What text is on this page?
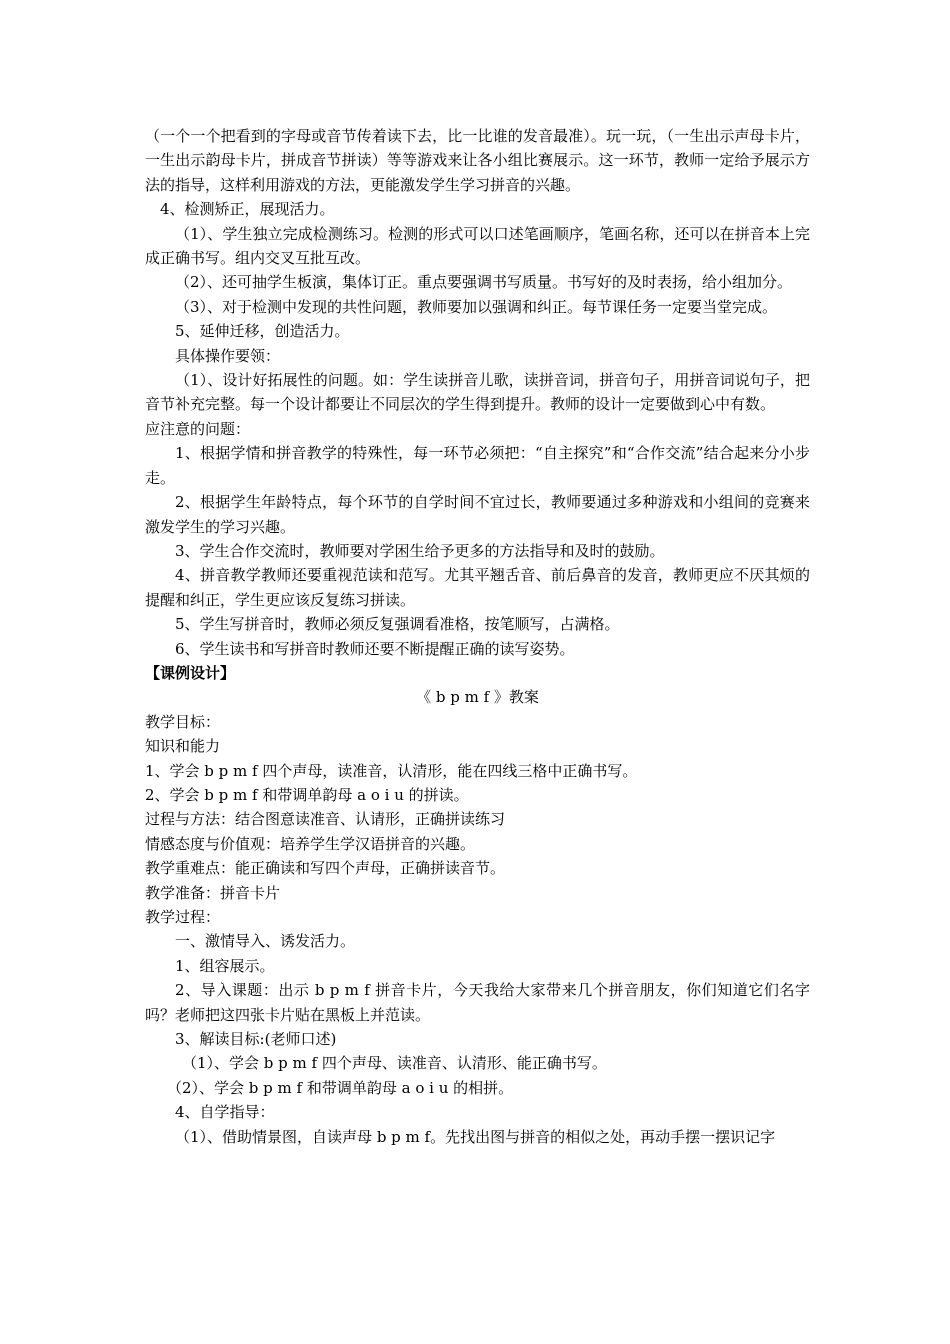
（一个一个把看到的字母或音节传着读下去，比一比谁的发音最准）。玩一玩，（一生出示声母卡片，一生出示韵母卡片，拼成音节拼读）等等游戏来让各小组比赛展示。这一环节，教师一定给予展示方法的指导，这样利用游戏的方法，更能激发学生学习拼音的兴趣。

4、检测矫正，展现活力。

（1）、学生独立完成检测练习。检测的形式可以口述笔画顺序，笔画名称，还可以在拼音本上完成正确书写。组内交叉互批互改。

（2）、还可抽学生板演，集体订正。重点要强调书写质量。书写好的及时表扬，给小组加分。

（3）、对于检测中发现的共性问题，教师要加以强调和纠正。每节课任务一定要当堂完成。

5、延伸迁移，创造活力。

具体操作要领：

（1）、设计好拓展性的问题。如：学生读拼音儿歌，读拼音词，拼音句子，用拼音词说句子，把音节补充完整。每一个设计都要让不同层次的学生得到提升。教师的设计一定要做到心中有数。

应注意的问题：

1、根据学情和拼音教学的特殊性，每一环节必须把：“自主探究”和“合作交流”结合起来分小步走。

2、根据学生年龄特点，每个环节的自学时间不宜过长，教师要通过多种游戏和小组间的竞赛来激发学生的学习兴趣。

3、学生合作交流时，教师要对学困生给予更多的方法指导和及时的鼓励。

4、拼音教学教师还要重视范读和范写。尤其平翘舌音、前后鼻音的发音，教师更应不厌其烦的提醒和纠正，学生更应该反复练习拼读。

5、学生写拼音时，教师必须反复强调看准格，按笔顺写，占满格。

6、学生读书和写拼音时教师还要不断提醒正确的读写姿势。

【课例设计】

《 b p m f 》教案

教学目标：

知识和能力

1、学会 b p m f 四个声母，读准音，认清形，能在四线三格中正确书写。

2、学会 b p m f 和带调单韵母 a o i u 的拼读。

过程与方法：结合图意读准音、认请形，正确拼读练习

情感态度与价值观：培养学生学汉语拼音的兴趣。

教学重难点：能正确读和写四个声母，正确拼读音节。

教学准备：拼音卡片

教学过程：

一、激情导入、诱发活力。

1、组容展示。

2、导入课题：出示 b p m f 拼音卡片，今天我给大家带来几个拼音朋友，你们知道它们名字吗？老师把这四张卡片贴在黑板上并范读。

3、解读目标:(老师口述)

（1）、学会 b p m f 四个声母、读准音、认清形、能正确书写。

（2）、学会 b p m f 和带调单韵母 a o i u 的相拼。

4、自学指导：

（1）、借助情景图，自读声母 b p m f。先找出图与拼音的相似之处，再动手摆一摆识记字
